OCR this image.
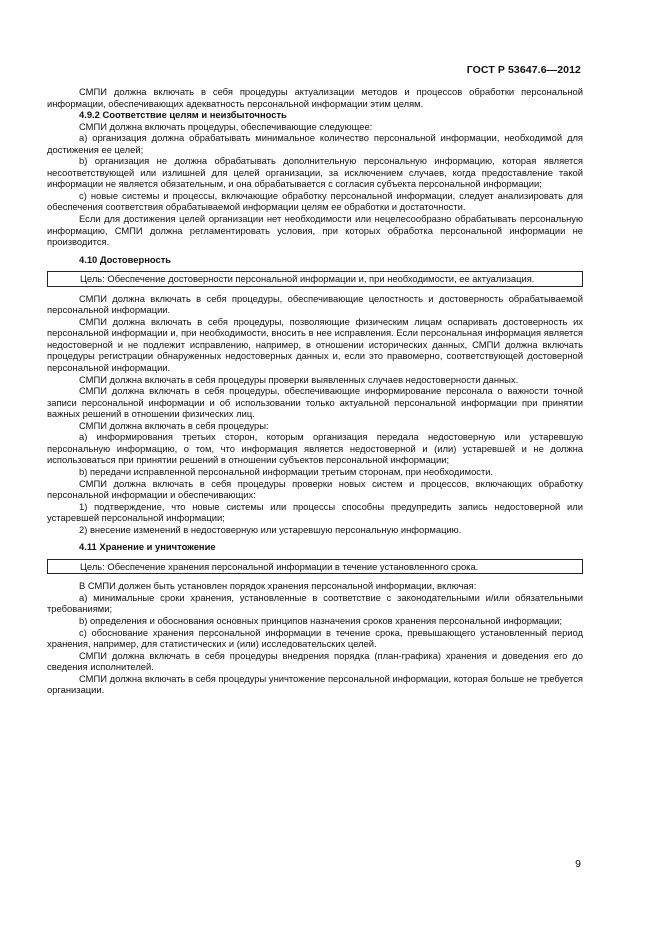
ГОСТ Р 53647.6—2012

СМПИ должна включать в себя процедуры актуализации методов и процессов обработки персональной информации, обеспечивающих адекватность персональной информации этим целям.

4.9.2 Соответствие целям и неизбыточность

СМПИ должна включать процедуры, обеспечивающие следующее:

а) организация должна обрабатывать минимальное количество персональной информации, необходимой для достижения ее целей;

b) организация не должна обрабатывать дополнительную персональную информацию, которая является несоответствующей или излишней для целей организации, за исключением случаев, когда предоставление такой информации не является обязательным, и она обрабатывается с согласия субъекта персональной информации;

с) новые системы и процессы, включающие обработку персональной информации, следует анализировать для обеспечения соответствия обрабатываемой информации целям ее обработки и достаточности.

Если для достижения целей организации нет необходимости или нецелесообразно обрабатывать персональную информацию, СМПИ должна регламентировать условия, при которых обработка персональной информации не производится.

4.10 Достоверность

Цель: Обеспечение достоверности персональной информации и, при необходимости, ее актуализация.

СМПИ должна включать в себя процедуры, обеспечивающие целостность и достоверность обрабатываемой персональной информации.

СМПИ должна включать в себя процедуры, позволяющие физическим лицам оспаривать достоверность их персональной информации и, при необходимости, вносить в нее исправления. Если персональная информация является недостоверной и не подлежит исправлению, например, в отношении исторических данных, СМПИ должна включать процедуры регистрации обнаруженных недостоверных данных и, если это правомерно, соответствующей достоверной персональной информации.

СМПИ должна включать в себя процедуры проверки выявленных случаев недостоверности данных.

СМПИ должна включать в себя процедуры, обеспечивающие информирование персонала о важности точной записи персональной информации и об использовании только актуальной персональной информации при принятии важных решений в отношении физических лиц.

СМПИ должна включать в себя процедуры:

а) информирования третьих сторон, которым организация передала недостоверную или устаревшую персональную информацию, о том, что информация является недостоверной и (или) устаревшей и не должна использоваться при принятии решений в отношении субъектов персональной информации;

b) передачи исправленной персональной информации третьим сторонам, при необходимости.

СМПИ должна включать в себя процедуры проверки новых систем и процессов, включающих обработку персональной информации и обеспечивающих:

1) подтверждение, что новые системы или процессы способны предупредить запись недостоверной или устаревшей персональной информации;

2) внесение изменений в недостоверную или устаревшую персональную информацию.

4.11 Хранение и уничтожение

Цель: Обеспечение хранения персональной информации в течение установленного срока.

В СМПИ должен быть установлен порядок хранения персональной информации, включая:

а) минимальные сроки хранения, установленные в соответствие с законодательными и/или обязательными требованиями;

b) определения и обоснования основных принципов назначения сроков хранения персональной информации;

с) обоснование хранения персональной информации в течение срока, превышающего установленный период хранения, например, для статистических и (или) исследовательских целей.

СМПИ должна включать в себя процедуры внедрения порядка (план-графика) хранения и доведения его до сведения исполнителей.

СМПИ должна включать в себя процедуры уничтожение персональной информации, которая больше не требуется организации.

9
